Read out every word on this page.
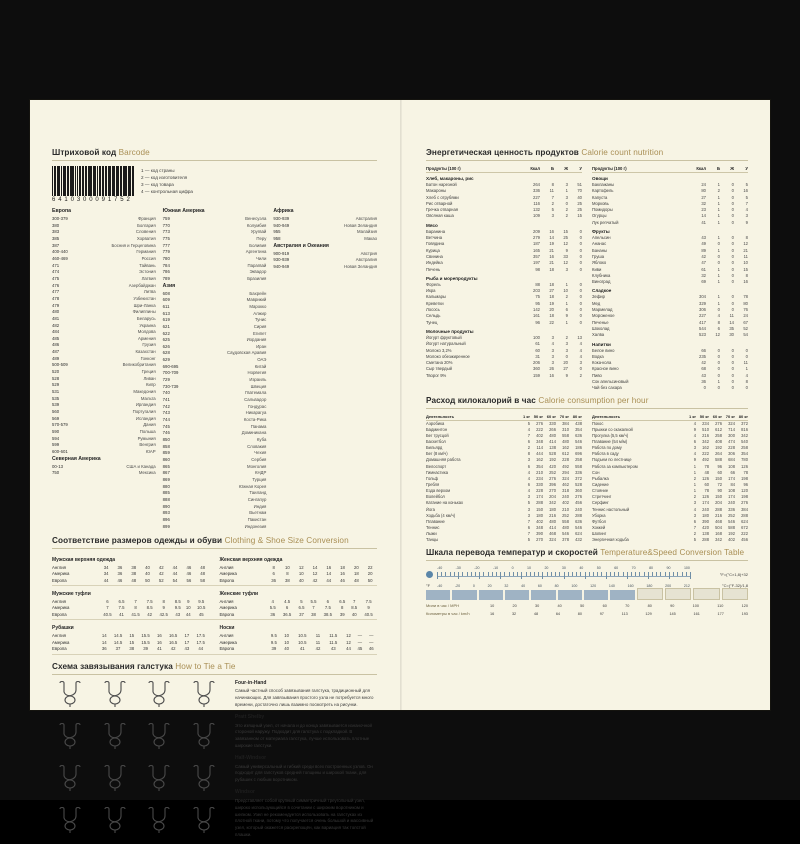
Штриховой код Barcode
6 4 1 0 3 0 0 0 9 1 7 5 2
1 — код страны
2 — код изготовителя
3 — код товара
4 — контрольная цифра
Европа
300-379	Франция
380	Болгария
383	Словения
385	Хорватия
387	Босния и Герцеговина
400-440	Германия
460-469	Россия
471	Тайвань
474	Эстония
475	Латвия
476	Азербайджан
477	Литва
478	Узбекистан
479	Шри-Ланка
480	Филиппины
481	Беларусь
482	Украина
484	Молдова
485	Армения
486	Грузия
487	Казахстан
489	Гонконг
500-509	Великобритания
520	Греция
528	Ливан
529	Кипр
531	Македония
535	Мальта
539	Ирландия
560	Португалия
569	Исландия
570-579	Дания
590	Польша
594	Румыния
599	Венгрия
600-601	ЮАР
Северная Америка
00-13	США и Канада
750	Мексика
Южная Америка
759	Венесуэла
770	Колумбия
773	Уругвай
775	Перу
777	Боливия
779	Аргентина
780	Чили
784	Парагвай
786	Эквадор
789	Бразилия
Азия
608	Бахрейн
609	Маврикий
611	Марокко
613	Алжир
619	Тунис
621	Сирия
622	Египет
625	Иордания
626	Иран
628	Саудовская Аравия
629	ОАЭ
690-695	Китай
700-709	Норвегия
729	Израиль
730-739	Швеция
740	Гватемала
741	Сальвадор
742	Гондурас
743	Никарагуа
744	Коста-Рика
745	Панама
746	Доминикана
850	Куба
858	Словакия
859	Чехия
860	Сербия
865	Монголия
867	КНДР
869	Турция
880	Южная Корея
885	Таиланд
888	Сингапур
890	Индия
893	Вьетнам
896	Пакистан
899	Индонезия
Африка
930-939	Австралия
940-949	Новая Зеландия
955	Малайзия
958	Макао
Австралия и Океания
900-919	Австрия
930-939	Австралия
940-949	Новая Зеландия
Соответствие размеров одежды и обуви Clothing & Shoe Size Conversion
Мужская верхняя одежда
Англия	34	36	38	40	42	44	46	48
Америка	34	36	38	40	42	44	46	48
Европа	44	46	48	50	52	54	56	58
Женская верхняя одежда
Англия	8	10	12	14	16	18	20	22
Америка	6	8	10	12	14	16	18	20
Европа	36	38	40	42	44	46	48	50
Мужские туфли
Англия	6	6.5	7	7.5	8	8.5	9	9.5
Америка	7	7.5	8	8.5	9	9.5	10	10.5
Европа	40.5	41	41.5	42	42.5	43	44	45
Женские туфли
Англия	4	4.5	5	5.5	6	6.5	7	7.5
Америка	5.5	6	6.5	7	7.5	8	8.5	9
Европа	36	36.5	37	38	38.5	39	40	40.5
Рубашки
Англия	14	14.5	15	15.5	16	16.5	17	17.5
Америка	14	14.5	15	15.5	16	16.5	17	17.5
Европа	36	37	38	39	41	42	43	44
Носки
Англия	9.5	10	10.5	11	11.5	12	—	—
Америка	9.5	10	10.5	11	11.5	12	—	—
Европа	39	40	41	42	43	44	45	46
Схема завязывания галстука How to Tie a Tie
Four-in-Hand

Самый частный способ завязывания галстука, традиционный для начинающих. Для завязывания простого узла не потребуется много времени, достаточно лишь взаимно посмотреть на рисунки.

Pratt Shelby

Это изящный узел, от начала и до конца завязывается изнаночной стороной наружу. Подходит для галстука с подкладкой. В завязанном от материала галстука, лучше использовать плотные широкие галстуки.

Half-Windsor

Самый универсальный и гибкий среди всех построенных узлов. Он подходит для галстуков средней толщины и широкой ткани, для рубашек с любым воротником.

Windsor

Представляет собой крупный симметричный треугольный узел, широко использующийся в сочетании с широким воротником и шелком. Узел не рекомендуется использовать на галстуках из плотной ткани, потому что получается очень большой и массивный узел, который окажется раскрепощён, как вариация так толстой плашки.

Энергетическая ценность продуктов Calorie count nutrition
Продукты (100 г)	Ккал	Б	Ж	У
Хлеб, макароны, рис
Батон нарезной	264	8	3	51
Макароны	336	11	1	70
Хлеб с отрубями	227	7	3	40
Рис отварной	116	2	0	25
Гречка отварная	132	5	2	25
Овсяная каша	109	3	2	15
Мясо
Баранина	209	16	15	0
Ветчина	279	14	25	0
Говядина	187	19	12	0
Курица	165	21	9	0
Свинина	357	16	33	0
Индейка	197	21	12	0
Печень	98	18	3	0
Рыба и морепродукты
Форель	88	18	1	0
Икра	203	27	10	0
Кальмары	75	18	2	0
Креветки	95	19	1	0
Лосось	142	20	6	0
Сельдь	161	18	9	0
Тунец	96	22	1	0
Молочные продукты
Йогурт фруктовый	100	3	2	13
Йогурт натуральный	61	4	3	4
Молоко 3,2%	60	3	3	4
Молоко обезжиренное	31	3	0	4
Сметана 20%	206	3	20	3
Сыр твердый	360	26	27	0
Творог 9%	159	16	9	2
Продукты (100 г)	Ккал	Б	Ж	У
Овощи
Баклажаны	24	1	0	5
Картофель	80	2	0	16
Капуста	27	1	0	5
Морковь	32	1	0	7
Помидоры	23	1	0	4
Огурцы	14	1	0	3
Лук репчатый	41	1	0	9
Фрукты
Апельсин	43	1	0	8
Ананас	49	0	0	12
Бананы	89	1	0	21
Груша	42	0	0	11
Яблоко	47	0	0	10
Киви	61	1	0	15
Клубника	32	1	0	8
Виноград	69	1	0	16
Сладкое
Зефир	304	1	0	78
Мед	329	1	0	80
Мармелад	306	0	0	76
Мороженое	227	4	11	24
Печенье	417	8	14	67
Шоколад	544	6	35	52
Халва	523	12	30	54
Напитки
Белое вино	66	0	0	0
Водка	235	0	0	0
Кока-кола	42	0	0	11
Красное вино	68	0	0	1
Пиво	43	0	0	4
Сок апельсиновый	36	1	0	8
Чай без сахара	0	0	0	0
Расход килокалорий в час Calorie consumption per hour
Деятельность	1 кг 50 кг 60 кг 70 кг 80 кг
Аэробика	5	276	330	384	438
Бадминтон	4	222	266	310	354
Бег трусцой	7	402	480	558	636
Баскетбол	6	348	414	480	546
Бильярд	2	114	138	162	186
Бег (8 км/ч)	8	444	528	612	696
Домашняя работа	3	162	192	228	258
Велоспорт	6	354	420	492	558
Гимнастика	4	210	252	294	336
Гольф	4	234	276	324	372
Гребля	6	330	396	462	528
Езда верхом	4	228	270	318	360
Волейбол	3	174	204	240	276
Катание на коньках	5	288	342	402	456
Йога	3	150	180	210	240
Ходьба (4 км/ч)	3	180	216	252	288
Плавание	7	402	480	558	636
Теннис	6	348	414	480	546
Лыжи	7	390	468	546	624
Танцы	5	270	324	378	432
Деятельность	1 кг 50 кг 60 кг 70 кг 80 кг
Покос	4	234	276	324	372
Прыжки со скакалкой	9	510	612	714	816
Прогулка (5,5 км/ч)	4	216	258	300	342
Плавание (54 м/м)	6	342	408	474	540
Работа по дому	3	162	192	228	258
Работа в саду	4	222	264	306	354
Подъем по лестнице	9	492	588	684	780
Работа за компьютером	1	78	96	108	126
Сон	1	48	60	66	78
Рыбалка	2	126	150	174	198
Сидение	1	60	72	84	96
Стояние	1	78	90	108	120
Стретчинг	2	126	150	174	198
Серфинг	3	174	204	240	276
Теннис настольный	4	240	288	336	384
Уборка	3	180	216	252	288
Футбол	6	390	468	546	624
Хоккей	7	420	504	588	672
Шопинг	2	138	168	192	222
Энергичная ходьба	5	288	342	402	456
Шкала перевода температур и скоростей Temperature&Speed Conversion Table
-40	-30	-20	-10	0	10	20	30	40	50	60	70	80	90	100
°F=(°C×1,8)+32
°F	-40	-20	0	20	32	40	60	80	100	120	140	160	180	200	212	°C=(°F-32)/1,8
Мили в час / MPH	10	20	30	40	50	60	70	80	90	100	110	120
Километры в час / km/h	16	32	48	64	80	97	113	129	145	161	177	193
